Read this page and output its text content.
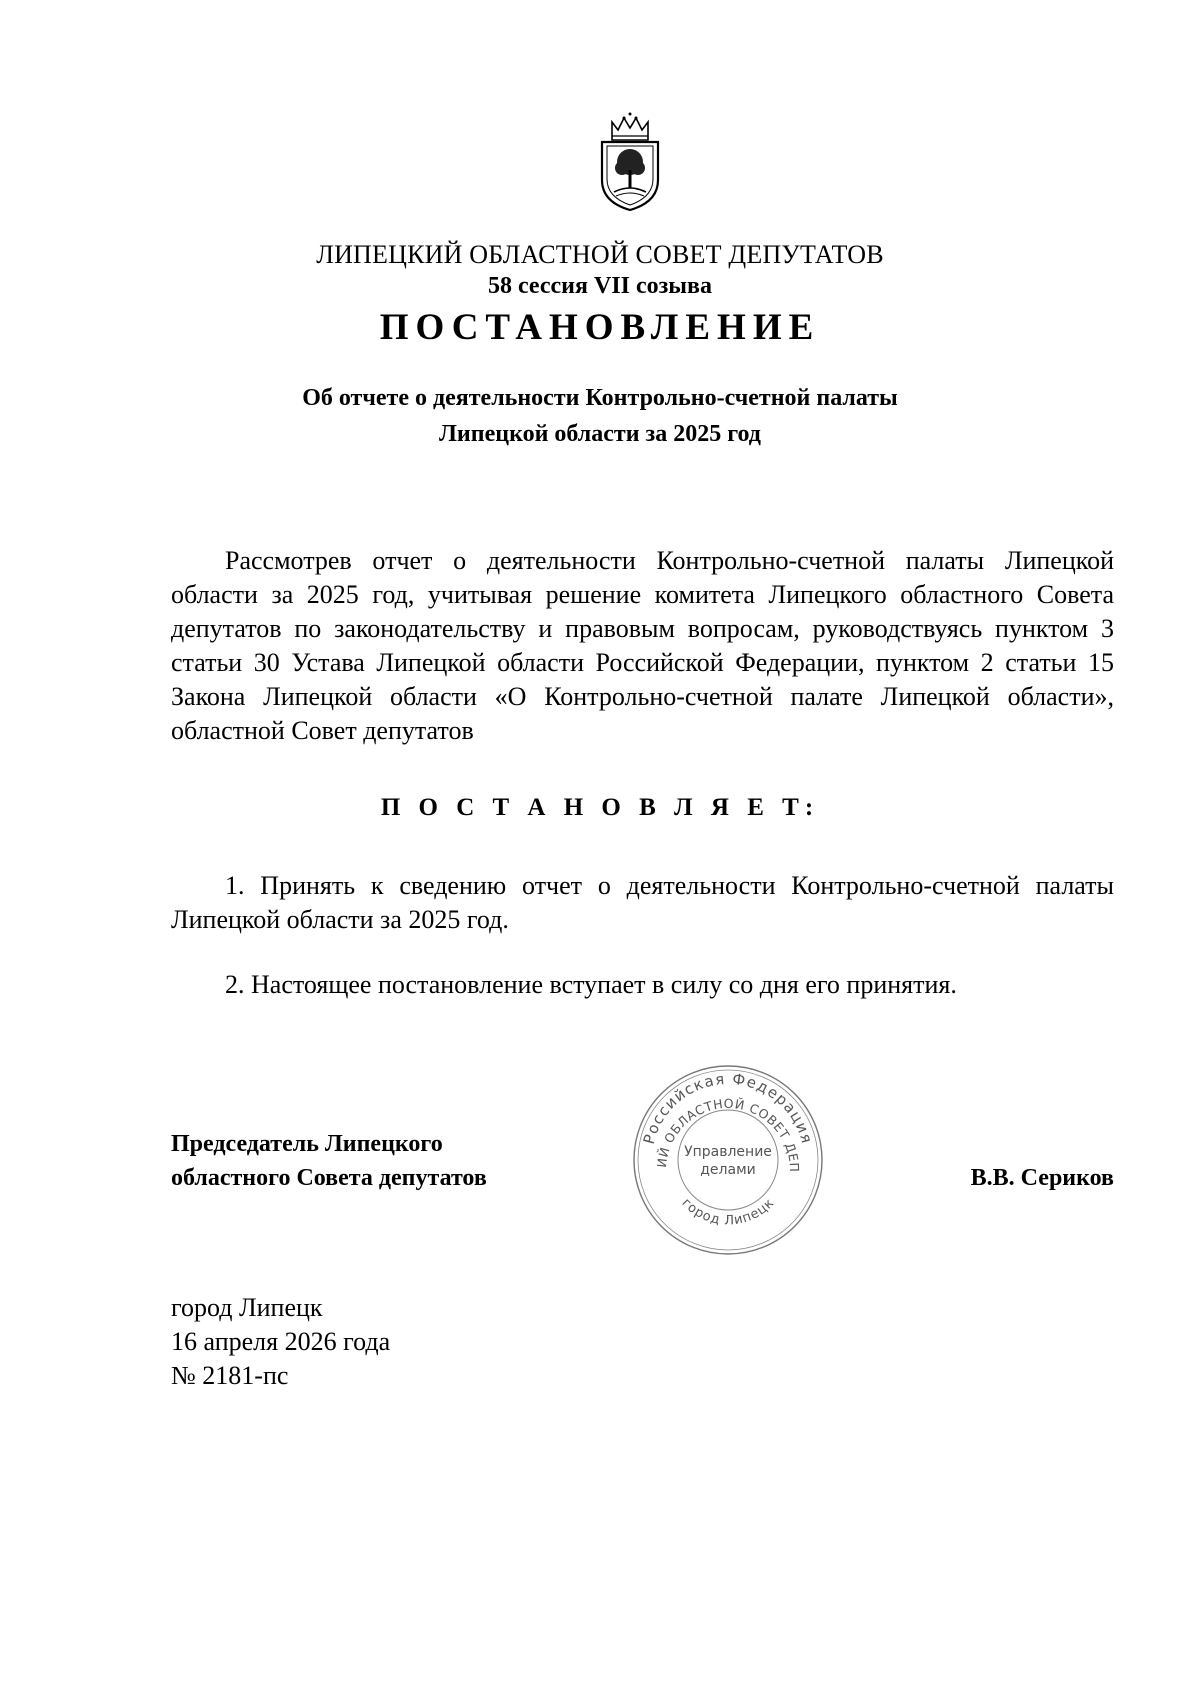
ЛИПЕЦКИЙ ОБЛАСТНОЙ СОВЕТ ДЕПУТАТОВ
58 сессия VII созыва
ПОСТАНОВЛЕНИЕ
Об отчете о деятельности Контрольно-счетной палаты
Липецкой области за 2025 год
Рассмотрев отчет о деятельности Контрольно-счетной палаты Липецкой области за 2025 год, учитывая решение комитета Липецкого областного Совета депутатов по законодательству и правовым вопросам, руководствуясь пунктом 3 статьи 30 Устава Липецкой области Российской Федерации, пунктом 2 статьи 15 Закона Липецкой области «О Контрольно-счетной палате Липецкой области», областной Совет депутатов
П О С Т А Н О В Л Я Е Т:
1. Принять к сведению отчет о деятельности Контрольно-счетной палаты Липецкой области за 2025 год.
2. Настоящее постановление вступает в силу со дня его принятия.
Председатель Липецкого
областного Совета депутатов	В.В. Сериков
Российская Федерация
ИЙ ОБЛАСТНОЙ СОВЕТ ДЕП
город Липецк
Управление
делами
город Липецк
16 апреля 2026 года
№ 2181-пс
